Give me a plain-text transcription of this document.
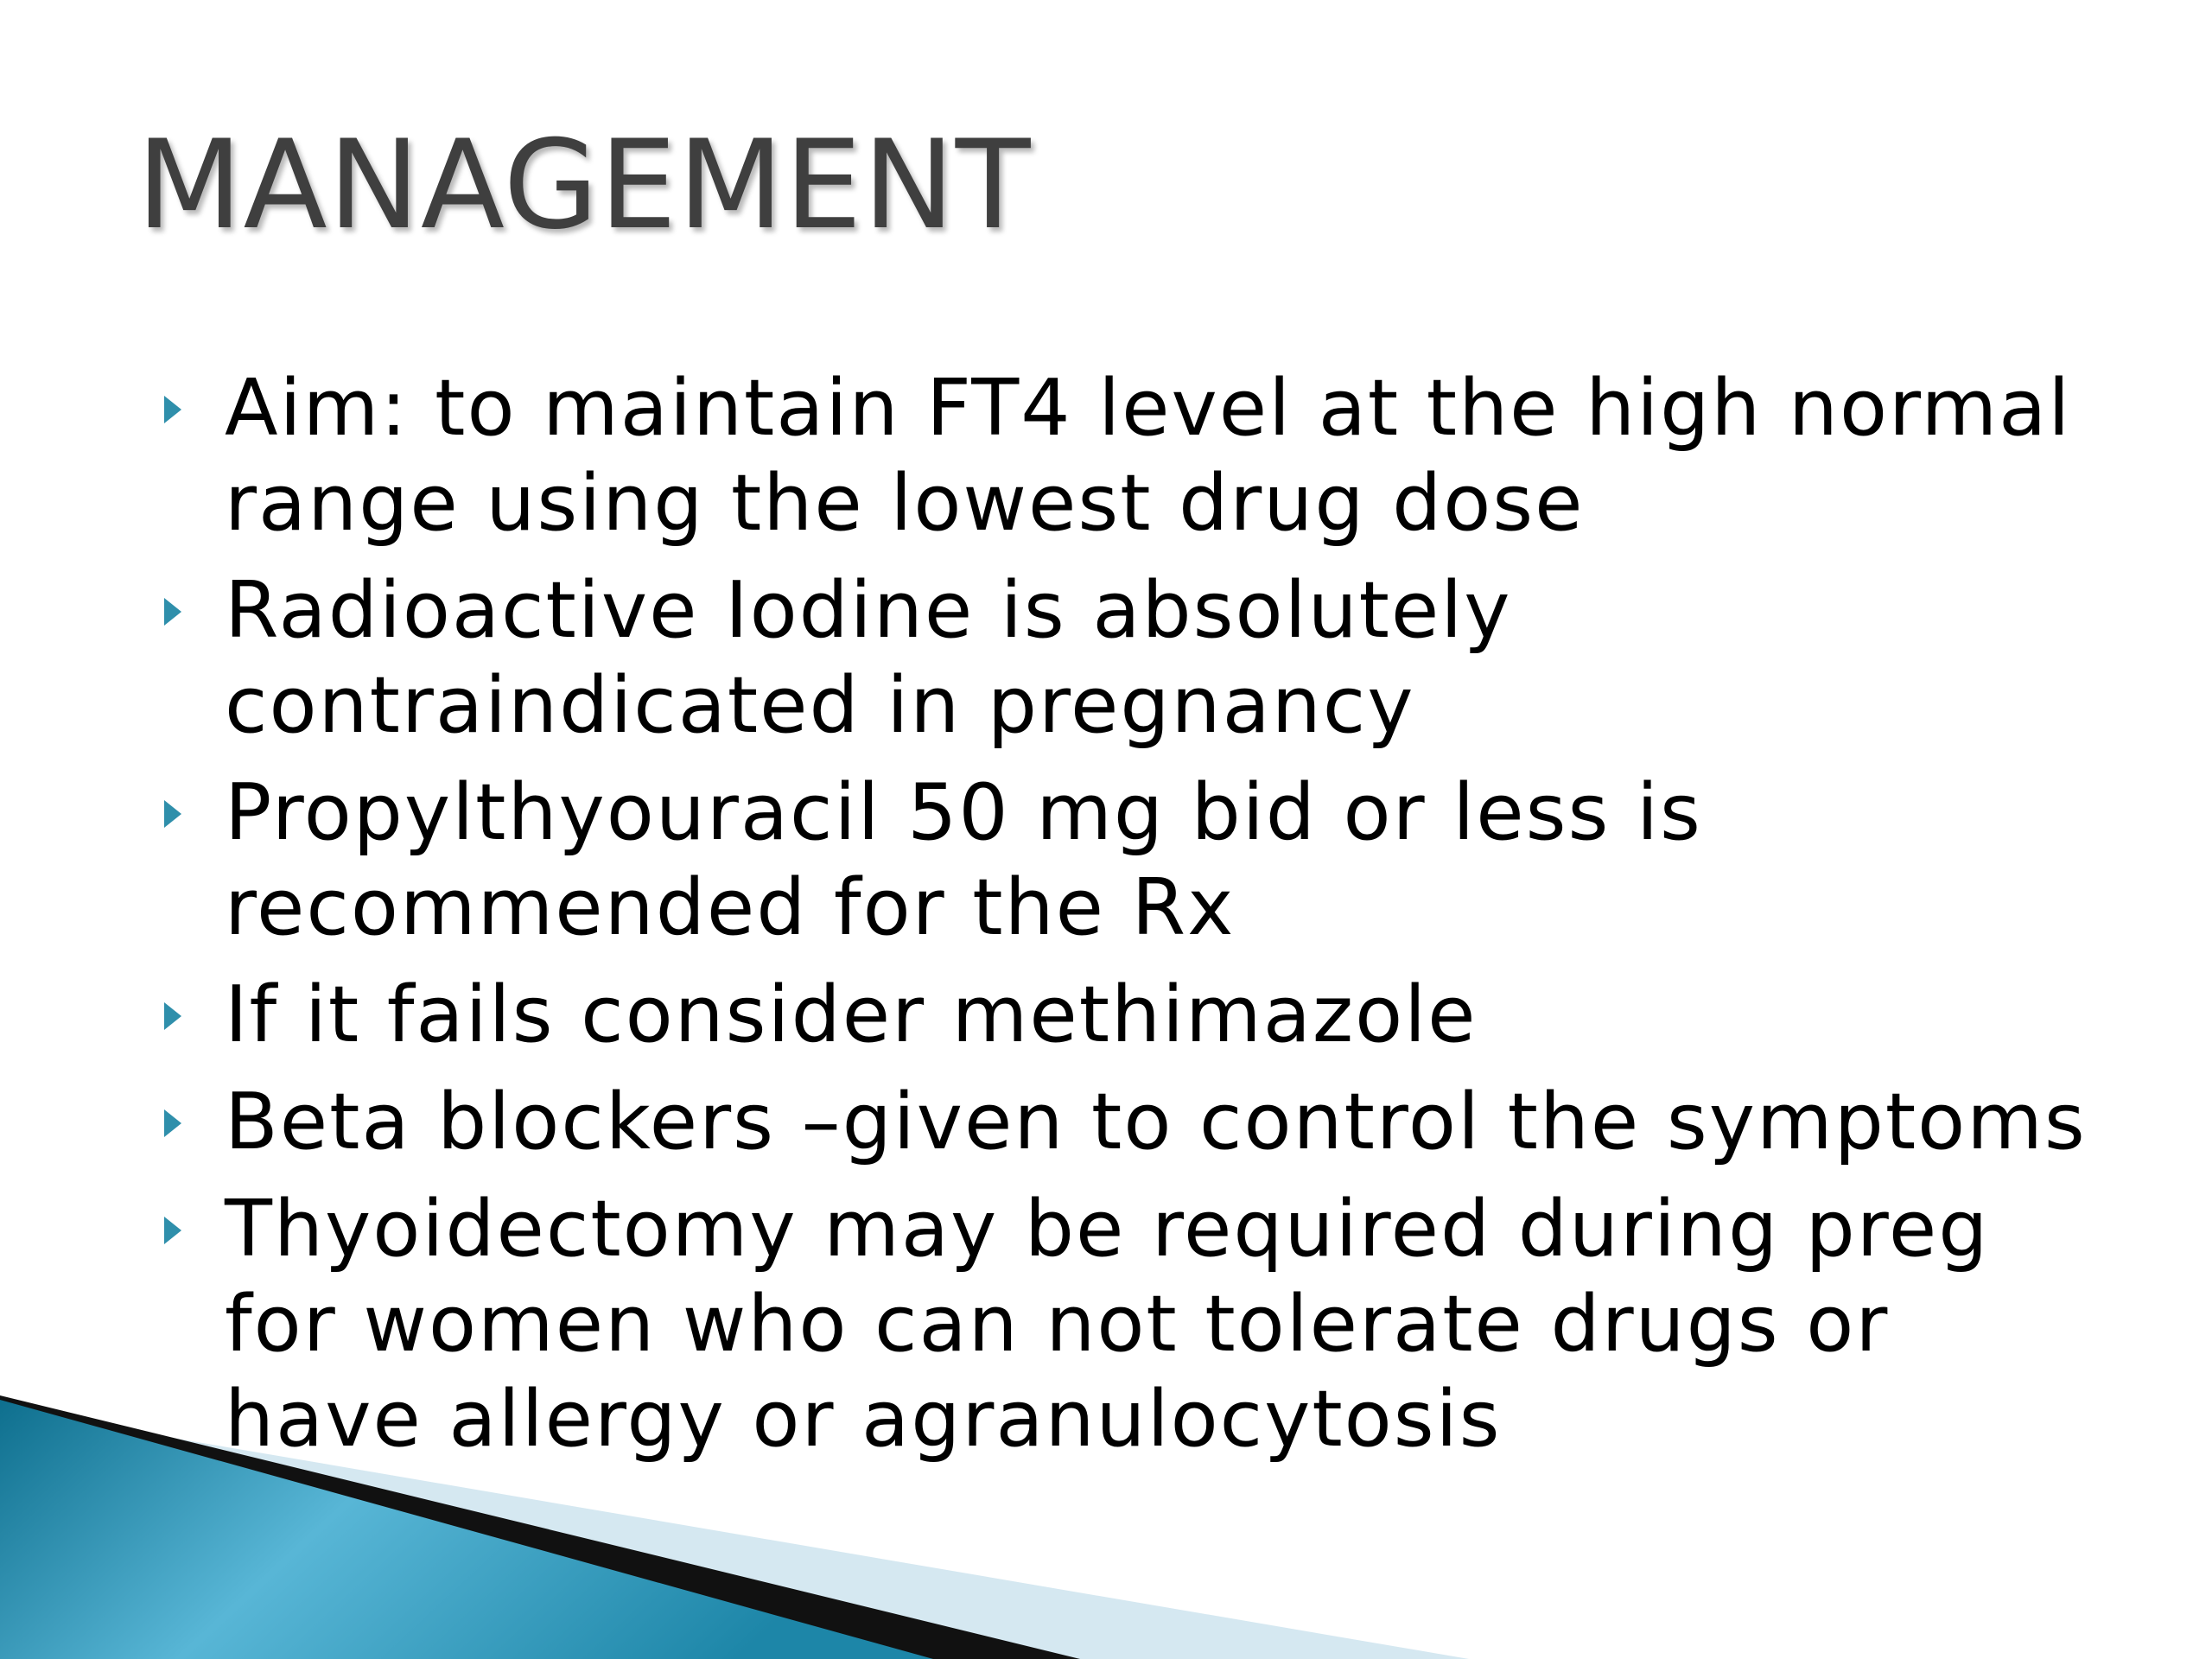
MANAGEMENT
Aim: to maintain FT4 level at the high normal
range using the lowest drug dose
Radioactive Iodine is absolutely
contraindicated in pregnancy
Propylthyouracil 50 mg bid or less is
recommended for the Rx
If it fails consider methimazole
Beta blockers –given to control the symptoms
Thyoidectomy may be required during preg
for women who can not tolerate drugs or
have allergy or agranulocytosis
